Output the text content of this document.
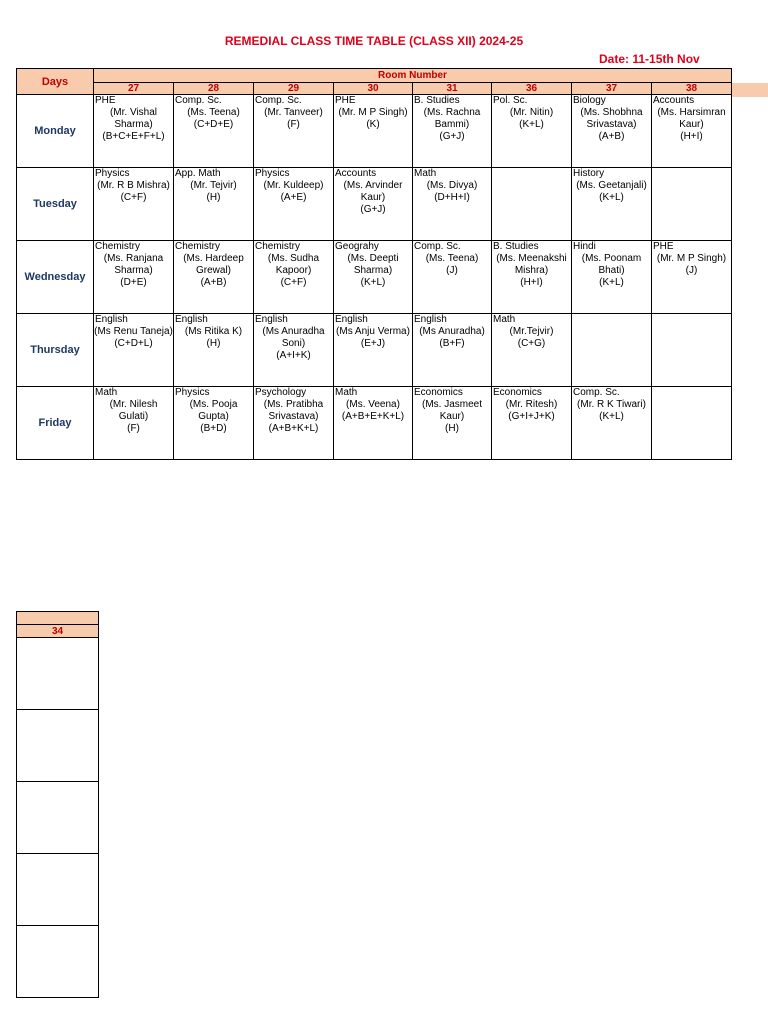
REMEDIAL CLASS TIME TABLE (CLASS XII) 2024-25
Date: 11-15th Nov
Days	Room Number							
	27	28	29	30	31	36	37	38
Monday	PHE
(Mr. Vishal Sharma)
(B+C+E+F+L)	Comp. Sc.
(Ms. Teena)
(C+D+E)	Comp. Sc.
(Mr. Tanveer)
(F)	PHE
(Mr. M P Singh)
(K)	B. Studies
(Ms. Rachna Bammi)
(G+J)	Pol. Sc.
(Mr. Nitin)
(K+L)	Biology
(Ms. Shobhna Srivastava)
(A+B)	Accounts
(Ms. Harsimran Kaur)
(H+I)

Tuesday	Physics
(Mr. R B Mishra)
(C+F)	App. Math
(Mr. Tejvir)
(H)	Physics
(Mr. Kuldeep)
(A+E)	Accounts
(Ms. Arvinder Kaur)
(G+J)	Math
(Ms. Divya)
(D+H+I)		History
(Ms. Geetanjali)
(K+L)	

Wednesday	Chemistry
(Ms. Ranjana Sharma)
(D+E)	Chemistry
(Ms. Hardeep Grewal)
(A+B)	Chemistry
(Ms. Sudha Kapoor)
(C+F)	Geograhy
(Ms. Deepti Sharma)
(K+L)	Comp. Sc.
(Ms. Teena)
(J)	B. Studies
(Ms. Meenakshi Mishra)
(H+I)	Hindi
(Ms. Poonam Bhati)
(K+L)	PHE
(Mr. M P Singh)
(J)

Thursday	English
(Ms Renu Taneja)
(C+D+L)	English
(Ms Ritika K)
(H)	English
(Ms Anuradha Soni)
(A+I+K)	English
(Ms Anju Verma)
(E+J)	English
(Ms Anuradha)
(B+F)	Math
(Mr.Tejvir)
(C+G)		

Friday	Math
(Mr. Nilesh Gulati)
(F)	Physics
(Ms. Pooja Gupta)
(B+D)	Psychology
(Ms. Pratibha Srivastava)
(A+B+K+L)	Math
(Ms. Veena)
(A+B+E+K+L)	Economics
(Ms. Jasmeet Kaur)
(H)	Economics
(Mr. Ritesh)
(G+I+J+K)	Comp. Sc.
(Mr. R K Tiwari)
(K+L)	

34
